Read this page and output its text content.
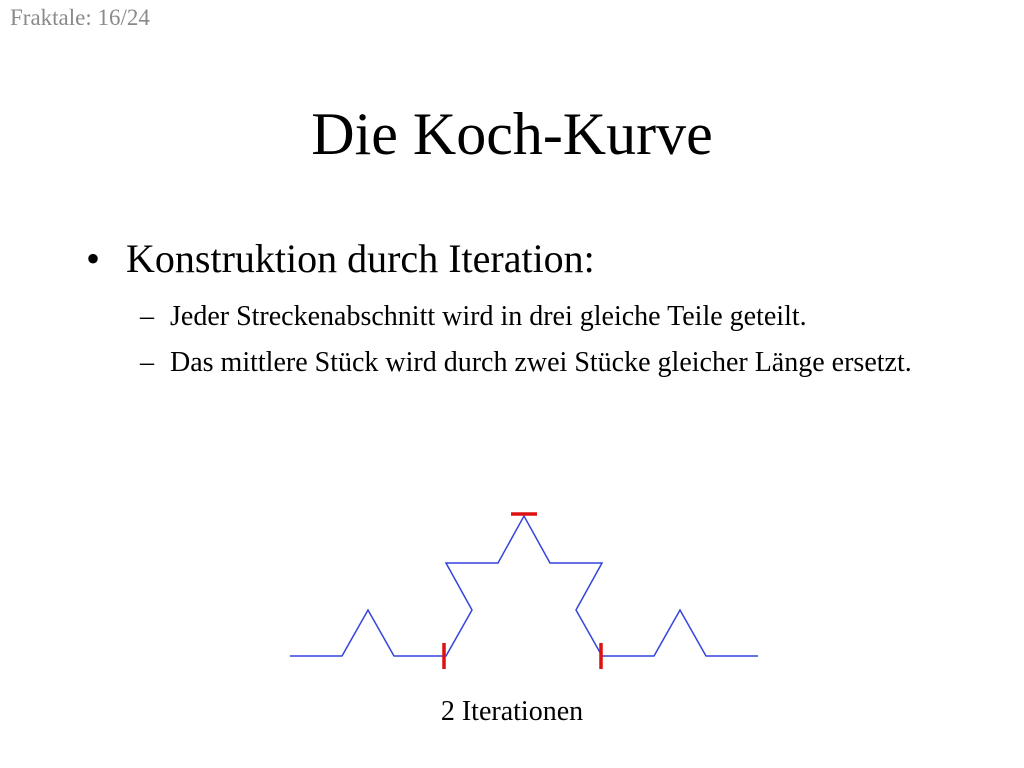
Fraktale: 16/24
Die Koch-Kurve
• Konstruktion durch Iteration:
– Jeder Streckenabschnitt wird in drei gleiche Teile geteilt.
– Das mittlere Stück wird durch zwei Stücke gleicher Länge ersetzt.
2 Iterationen
